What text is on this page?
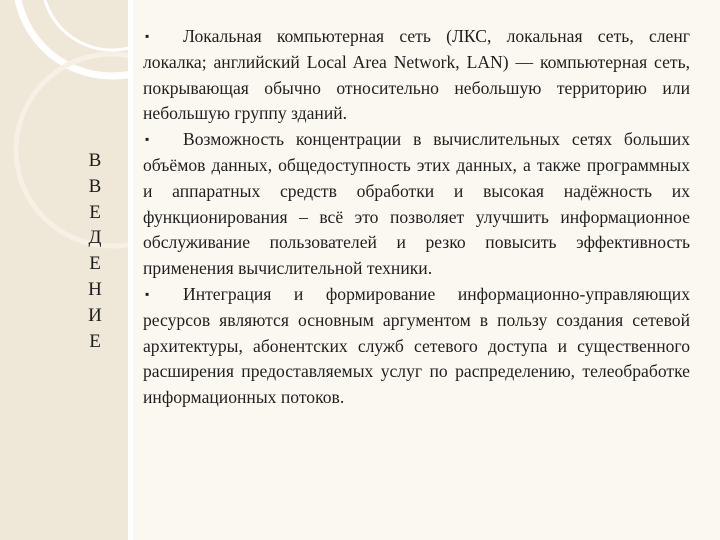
В
В
Е
Д
Е
Н
И
Е

▪ Локальная компьютерная сеть (ЛКС, локальная сеть, сленг локалка; английский Local Area Network, LAN) — компьютерная сеть, покрывающая обычно относительно небольшую территорию или небольшую группу зданий.

▪ Возможность концентрации в вычислительных сетях больших объёмов данных, общедоступность этих данных, а также программных и аппаратных средств обработки и высокая надёжность их функционирования – всё это позволяет улучшить информационное обслуживание пользователей и резко повысить эффективность применения вычислительной техники.

▪ Интеграция и формирование информационно-управляющих ресурсов являются основным аргументом в пользу создания сетевой архитектуры, абонентских служб сетевого доступа и существенного расширения предоставляемых услуг по распределению, телеобработке информационных потоков.
